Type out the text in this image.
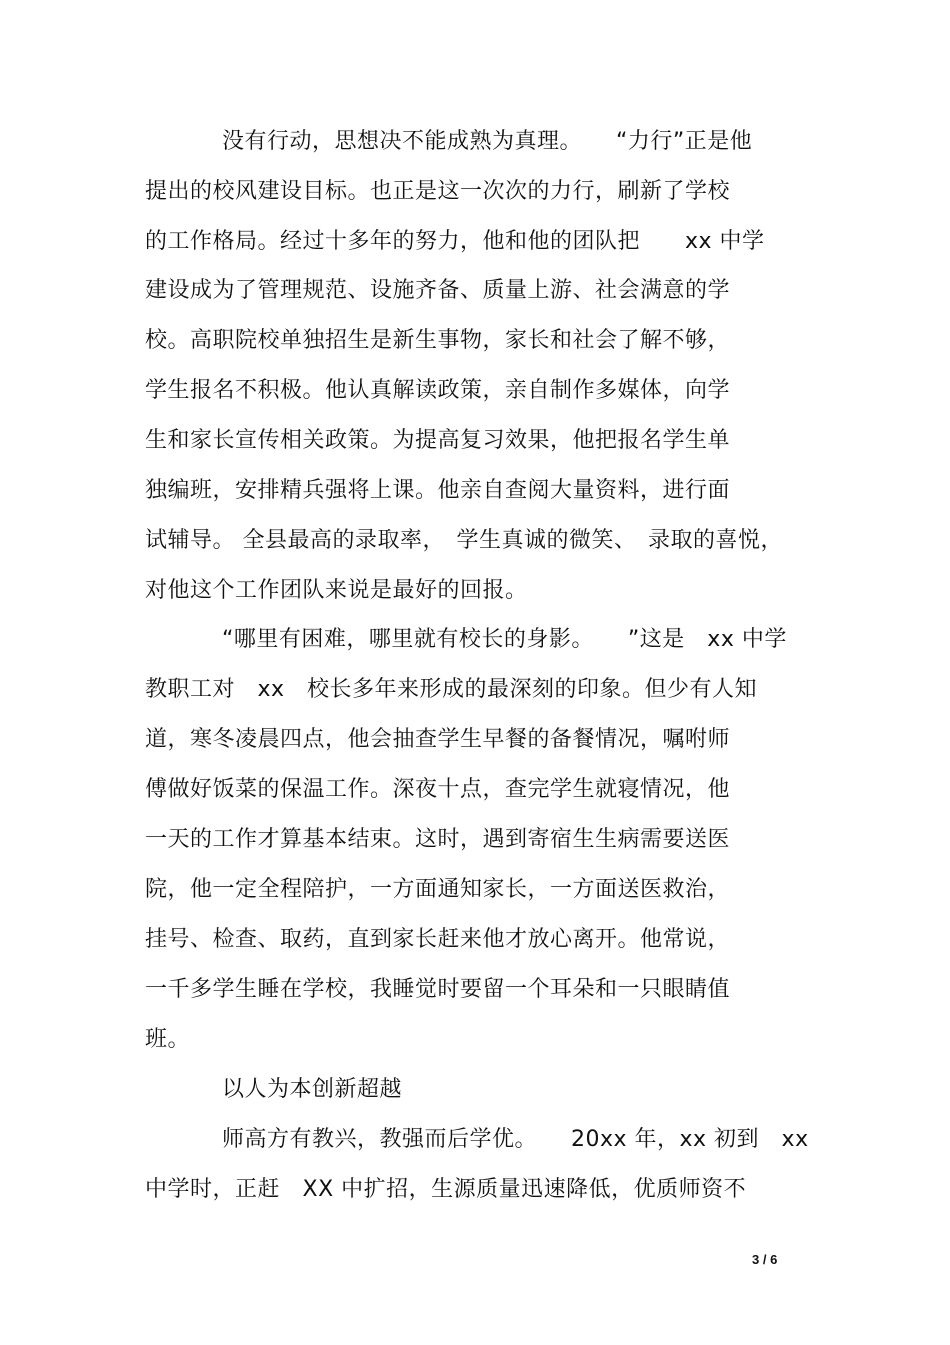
没有行动，思想决不能成熟为真理。　　“力行”正是他
提出的校风建设目标。也正是这一次次的力行，刷新了学校
的工作格局。经过十多年的努力，他和他的团队把　　xx 中学
建设成为了管理规范、设施齐备、质量上游、社会满意的学
校。高职院校单独招生是新生事物，家长和社会了解不够，
学生报名不积极。他认真解读政策，亲自制作多媒体，向学
生和家长宣传相关政策。为提高复习效果，他把报名学生单
独编班，安排精兵强将上课。他亲自查阅大量资料，进行面
试辅导。 全县最高的录取率，　学生真诚的微笑、　录取的喜悦，
对他这个工作团队来说是最好的回报。
“哪里有困难，哪里就有校长的身影。　　”这是　xx 中学
教职工对　xx　校长多年来形成的最深刻的印象。但少有人知
道，寒冬凌晨四点，他会抽查学生早餐的备餐情况，嘱咐师
傅做好饭菜的保温工作。深夜十点，查完学生就寝情况，他
一天的工作才算基本结束。这时，遇到寄宿生生病需要送医
院，他一定全程陪护，一方面通知家长，一方面送医救治，
挂号、检查、取药，直到家长赶来他才放心离开。他常说，
一千多学生睡在学校，我睡觉时要留一个耳朵和一只眼睛值
班。
以人为本创新超越
师高方有教兴，教强而后学优。　　20xx 年，xx 初到　xx
中学时，正赶　XX 中扩招，生源质量迅速降低，优质师资不
3 / 6
